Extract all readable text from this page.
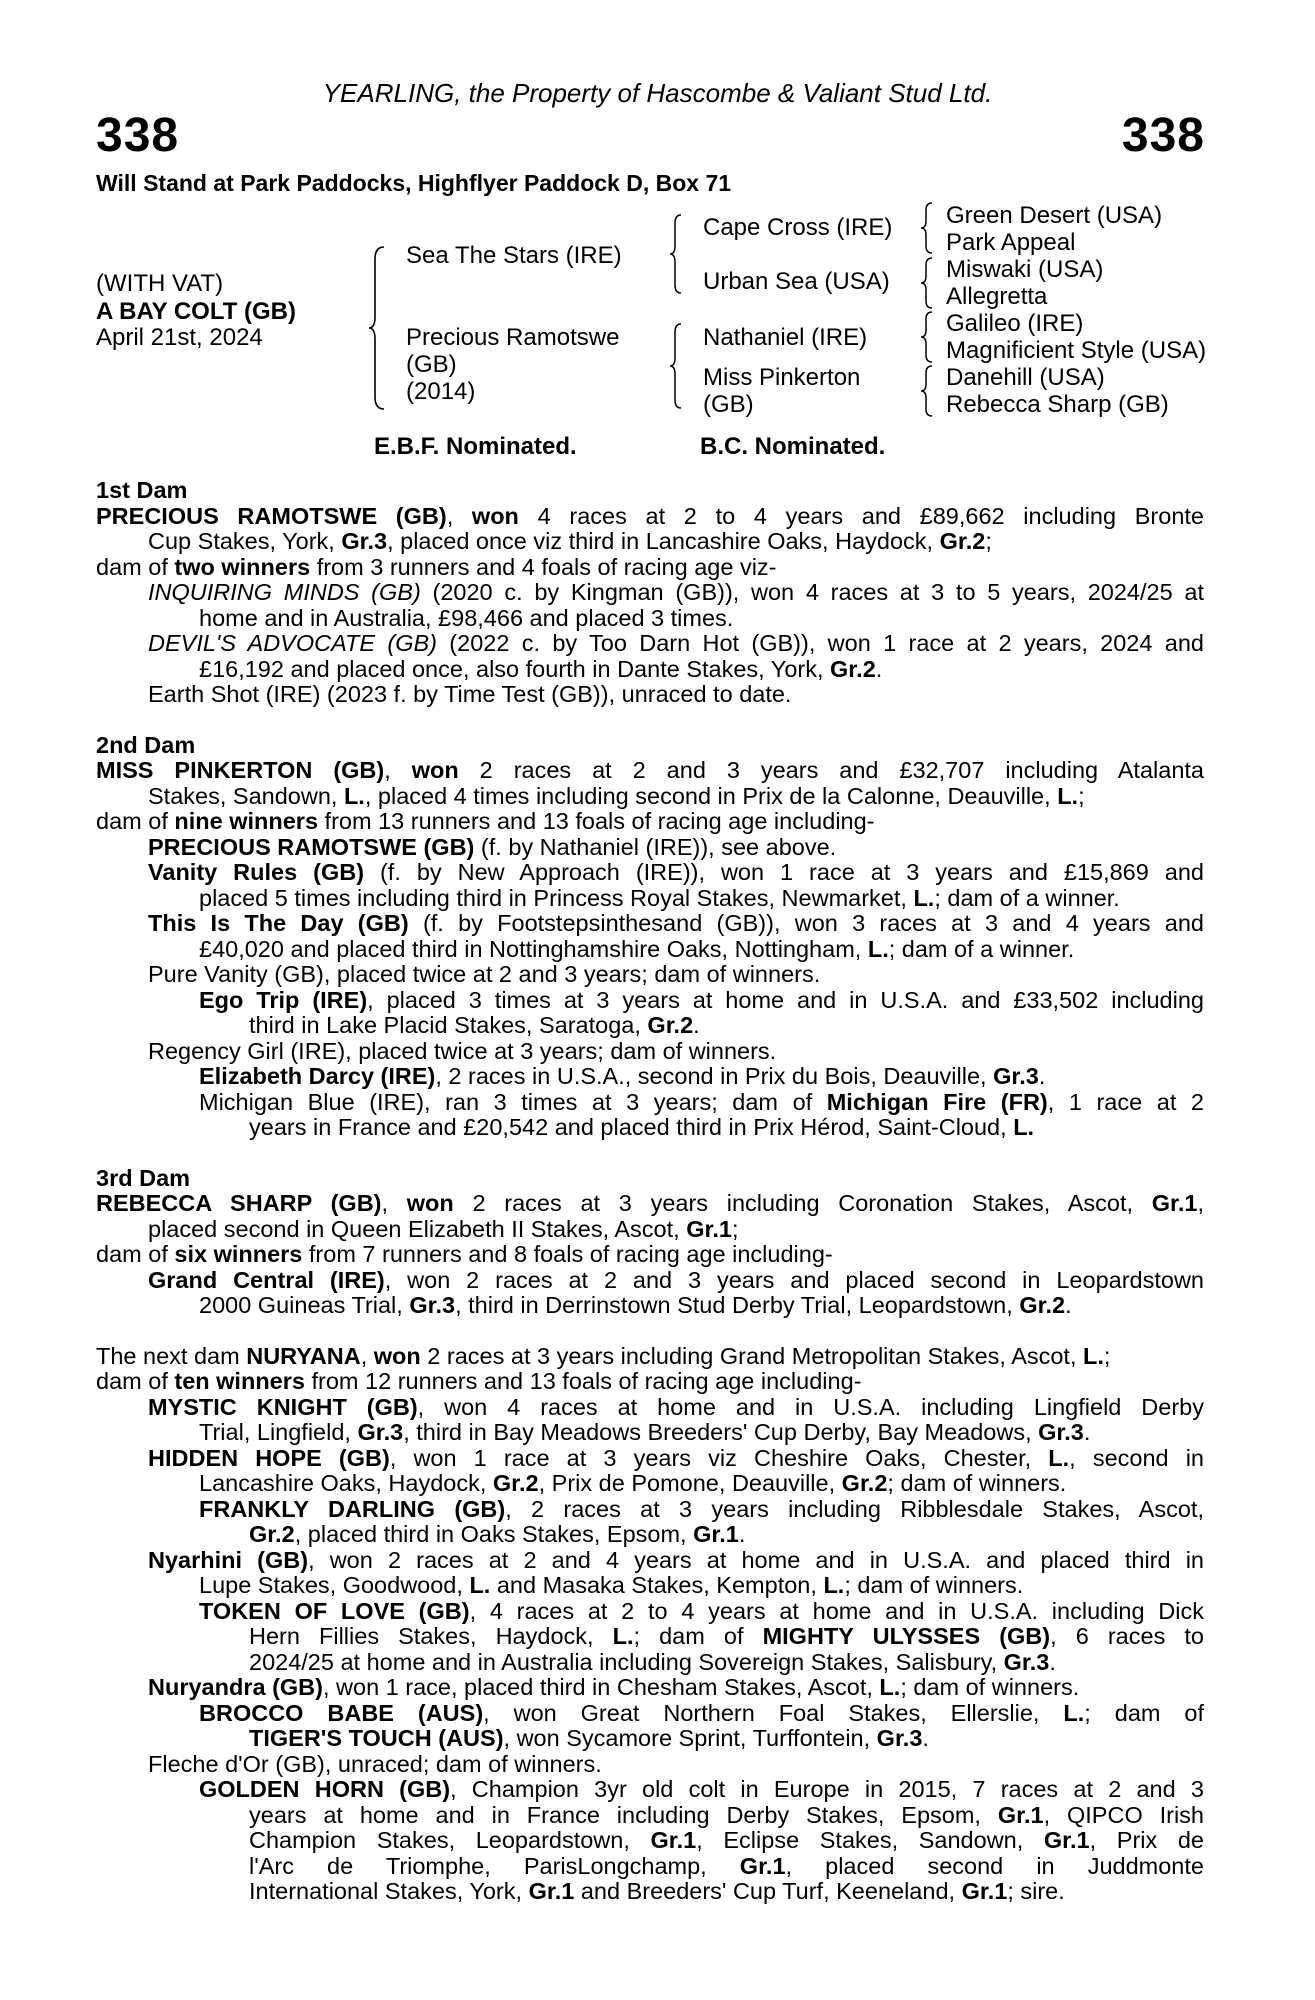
YEARLING, the Property of Hascombe & Valiant Stud Ltd.
338	338
Will Stand at Park Paddocks, Highflyer Paddock D, Box 71
(WITH VAT)
A BAY COLT (GB)
April 21st, 2024
Sea The Stars (IRE)
Precious Ramotswe
(GB)
(2014)
Cape Cross (IRE)
Urban Sea (USA)
Nathaniel (IRE)
Miss Pinkerton
(GB)
Green Desert (USA)
Park Appeal
Miswaki (USA)
Allegretta
Galileo (IRE)
Magnificient Style (USA)
Danehill (USA)
Rebecca Sharp (GB)
E.B.F. Nominated.	B.C. Nominated.
1st Dam
PRECIOUS RAMOTSWE (GB), won 4 races at 2 to 4 years and £89,662 including Bronte
Cup Stakes, York, Gr.3, placed once viz third in Lancashire Oaks, Haydock, Gr.2;
dam of two winners from 3 runners and 4 foals of racing age viz-
INQUIRING MINDS (GB) (2020 c. by Kingman (GB)), won 4 races at 3 to 5 years, 2024/25 at
home and in Australia, £98,466 and placed 3 times.
DEVIL'S ADVOCATE (GB) (2022 c. by Too Darn Hot (GB)), won 1 race at 2 years, 2024 and
£16,192 and placed once, also fourth in Dante Stakes, York, Gr.2.
Earth Shot (IRE) (2023 f. by Time Test (GB)), unraced to date.
2nd Dam
MISS PINKERTON (GB), won 2 races at 2 and 3 years and £32,707 including Atalanta
Stakes, Sandown, L., placed 4 times including second in Prix de la Calonne, Deauville, L.;
dam of nine winners from 13 runners and 13 foals of racing age including-
PRECIOUS RAMOTSWE (GB) (f. by Nathaniel (IRE)), see above.
Vanity Rules (GB) (f. by New Approach (IRE)), won 1 race at 3 years and £15,869 and
placed 5 times including third in Princess Royal Stakes, Newmarket, L.; dam of a winner.
This Is The Day (GB) (f. by Footstepsinthesand (GB)), won 3 races at 3 and 4 years and
£40,020 and placed third in Nottinghamshire Oaks, Nottingham, L.; dam of a winner.
Pure Vanity (GB), placed twice at 2 and 3 years; dam of winners.
Ego Trip (IRE), placed 3 times at 3 years at home and in U.S.A. and £33,502 including
third in Lake Placid Stakes, Saratoga, Gr.2.
Regency Girl (IRE), placed twice at 3 years; dam of winners.
Elizabeth Darcy (IRE), 2 races in U.S.A., second in Prix du Bois, Deauville, Gr.3.
Michigan Blue (IRE), ran 3 times at 3 years; dam of Michigan Fire (FR), 1 race at 2
years in France and £20,542 and placed third in Prix Hérod, Saint-Cloud, L.
3rd Dam
REBECCA SHARP (GB), won 2 races at 3 years including Coronation Stakes, Ascot, Gr.1,
placed second in Queen Elizabeth II Stakes, Ascot, Gr.1;
dam of six winners from 7 runners and 8 foals of racing age including-
Grand Central (IRE), won 2 races at 2 and 3 years and placed second in Leopardstown
2000 Guineas Trial, Gr.3, third in Derrinstown Stud Derby Trial, Leopardstown, Gr.2.
The next dam NURYANA, won 2 races at 3 years including Grand Metropolitan Stakes, Ascot, L.;
dam of ten winners from 12 runners and 13 foals of racing age including-
MYSTIC KNIGHT (GB), won 4 races at home and in U.S.A. including Lingfield Derby
Trial, Lingfield, Gr.3, third in Bay Meadows Breeders' Cup Derby, Bay Meadows, Gr.3.
HIDDEN HOPE (GB), won 1 race at 3 years viz Cheshire Oaks, Chester, L., second in
Lancashire Oaks, Haydock, Gr.2, Prix de Pomone, Deauville, Gr.2; dam of winners.
FRANKLY DARLING (GB), 2 races at 3 years including Ribblesdale Stakes, Ascot,
Gr.2, placed third in Oaks Stakes, Epsom, Gr.1.
Nyarhini (GB), won 2 races at 2 and 4 years at home and in U.S.A. and placed third in
Lupe Stakes, Goodwood, L. and Masaka Stakes, Kempton, L.; dam of winners.
TOKEN OF LOVE (GB), 4 races at 2 to 4 years at home and in U.S.A. including Dick
Hern Fillies Stakes, Haydock, L.; dam of MIGHTY ULYSSES (GB), 6 races to
2024/25 at home and in Australia including Sovereign Stakes, Salisbury, Gr.3.
Nuryandra (GB), won 1 race, placed third in Chesham Stakes, Ascot, L.; dam of winners.
BROCCO BABE (AUS), won Great Northern Foal Stakes, Ellerslie, L.; dam of
TIGER'S TOUCH (AUS), won Sycamore Sprint, Turffontein, Gr.3.
Fleche d'Or (GB), unraced; dam of winners.
GOLDEN HORN (GB), Champion 3yr old colt in Europe in 2015, 7 races at 2 and 3
years at home and in France including Derby Stakes, Epsom, Gr.1, QIPCO Irish
Champion Stakes, Leopardstown, Gr.1, Eclipse Stakes, Sandown, Gr.1, Prix de
l'Arc de Triomphe, ParisLongchamp, Gr.1, placed second in Juddmonte
International Stakes, York, Gr.1 and Breeders' Cup Turf, Keeneland, Gr.1; sire.
